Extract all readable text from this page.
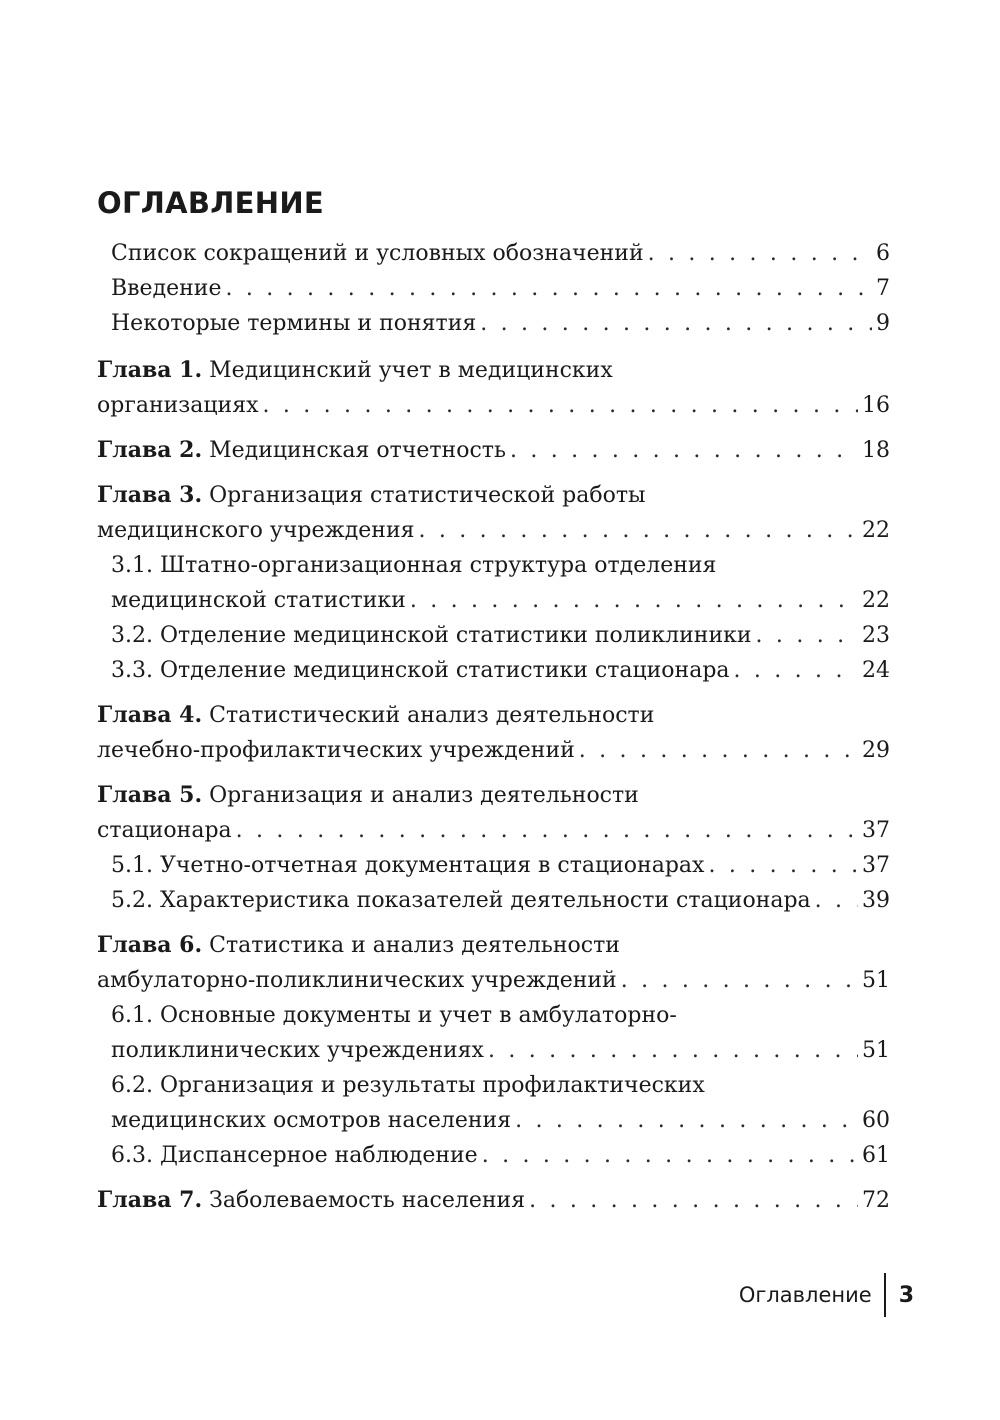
ОГЛАВЛЕНИЕ
Список сокращений и условных обозначений . . .	6
Введение . . .	7
Некоторые термины и понятия . . .	9
Глава 1. Медицинский учет в медицинских
организациях . . .	16
Глава 2. Медицинская отчетность . . .	18
Глава 3. Организация статистической работы
медицинского учреждения . . .	22
3.1. Штатно-организационная структура отделения
медицинской статистики . . .	22
3.2. Отделение медицинской статистики поликлиники . . .	23
3.3. Отделение медицинской статистики стационара . . .	24
Глава 4. Статистический анализ деятельности
лечебно-профилактических учреждений . . .	29
Глава 5. Организация и анализ деятельности
стационара . . .	37
5.1. Учетно-отчетная документация в стационарах . . .	37
5.2. Характеристика показателей деятельности стационара . . . 39
Глава 6. Статистика и анализ деятельности
амбулаторно-поликлинических учреждений . . .	51
6.1. Основные документы и учет в амбулаторно-
поликлинических учреждениях . . .	51
6.2. Организация и результаты профилактических
медицинских осмотров населения . . .	60
6.3. Диспансерное наблюдение . . .	61
Глава 7. Заболеваемость населения . . .	72
Оглавление	3
